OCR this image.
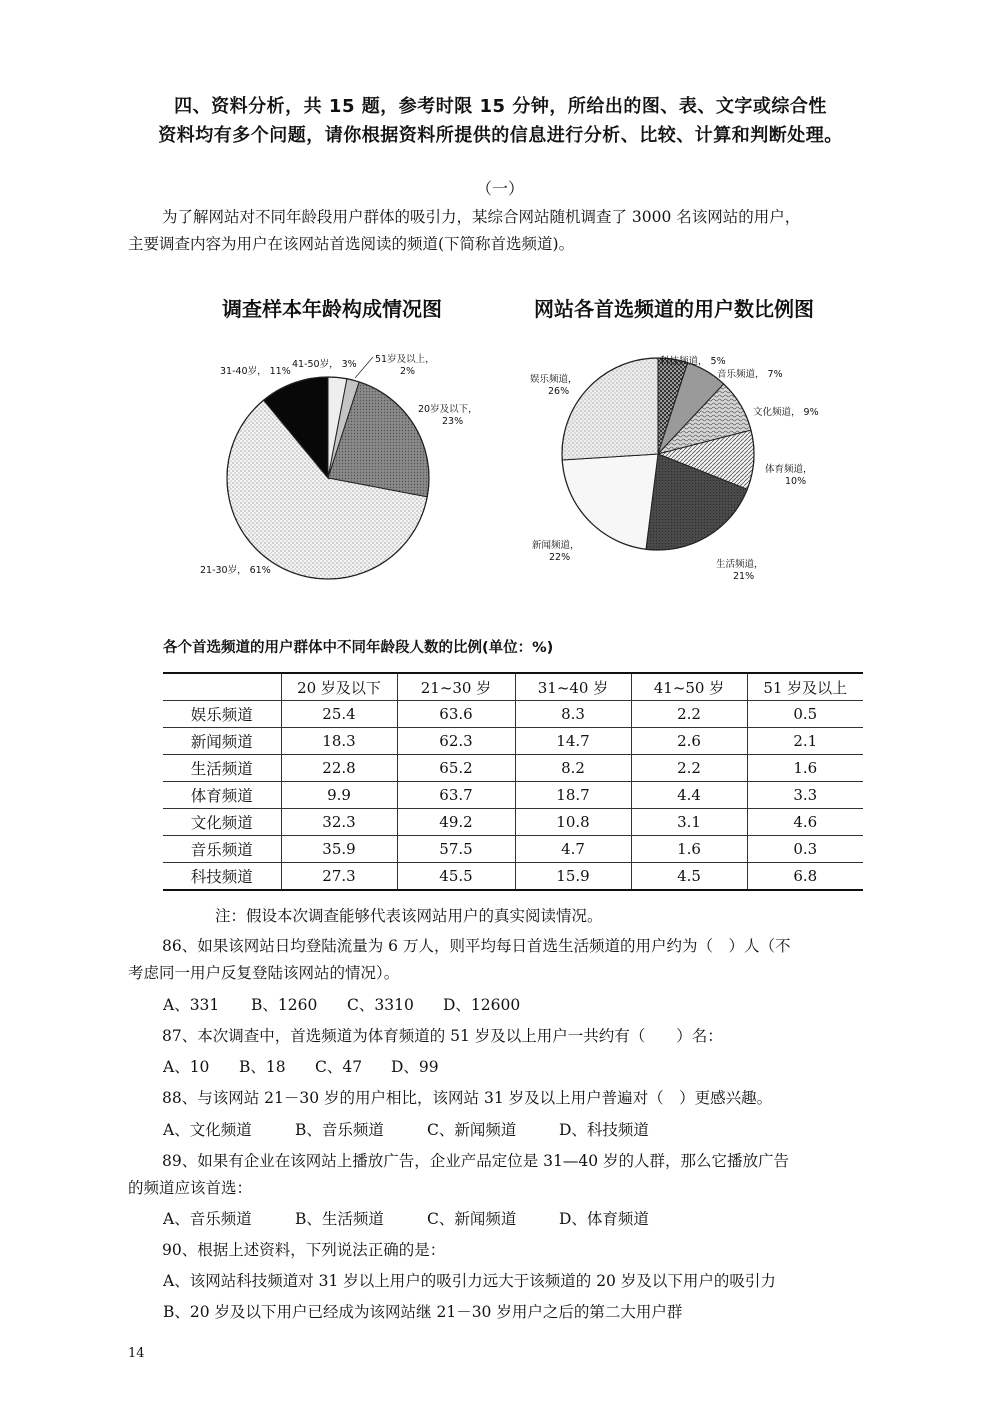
四、资料分析，共 15 题，参考时限 15 分钟，所给出的图、表、文字或综合性
资料均有多个问题，请你根据资料所提供的信息进行分析、比较、计算和判断处理。
（一）
为了解网站对不同年龄段用户群体的吸引力，某综合网站随机调查了 3000 名该网站的用户，
主要调查内容为用户在该网站首选阅读的频道(下简称首选频道)。
调查样本年龄构成情况图
41-50岁， 3% 51岁及以上， 2%
20岁及以下， 23%
21-30岁， 61%
31-40岁， 11%
网站各首选频道的用户数比例图
科技频道， 5%
音乐频道， 7%
文化频道， 9%
体育频道， 10%
生活频道， 21%
新闻频道， 22%
娱乐频道， 26%
各个首选频道的用户群体中不同年龄段人数的比例(单位：%)
	20 岁及以下	21~30 岁	31~40 岁	41~50 岁	51 岁及以上
娱乐频道	25.4	63.6	8.3	2.2	0.5
新闻频道	18.3	62.3	14.7	2.6	2.1
生活频道	22.8	65.2	8.2	2.2	1.6
体育频道	9.9	63.7	18.7	4.4	3.3
文化频道	32.3	49.2	10.8	3.1	4.6
音乐频道	35.9	57.5	4.7	1.6	0.3
科技频道	27.3	45.5	15.9	4.5	6.8
注：假设本次调查能够代表该网站用户的真实阅读情况。
86、如果该网站日均登陆流量为 6 万人，则平均每日首选生活频道的用户约为（　）人（不
考虑同一用户反复登陆该网站的情况）。
A、331 B、1260 C、3310 D、12600
87、本次调查中，首选频道为体育频道的 51 岁及以上用户一共约有（　　）名：
A、10 B、18 C、47 D、99
88、与该网站 21－30 岁的用户相比，该网站 31 岁及以上用户普遍对（　）更感兴趣。
A、文化频道	B、音乐频道	C、新闻频道	D、科技频道
89、如果有企业在该网站上播放广告，企业产品定位是 31—40 岁的人群，那么它播放广告
的频道应该首选：
A、音乐频道	B、生活频道	C、新闻频道	D、体育频道
90、根据上述资料，下列说法正确的是：
A、该网站科技频道对 31 岁以上用户的吸引力远大于该频道的 20 岁及以下用户的吸引力
B、20 岁及以下用户已经成为该网站继 21－30 岁用户之后的第二大用户群
14
